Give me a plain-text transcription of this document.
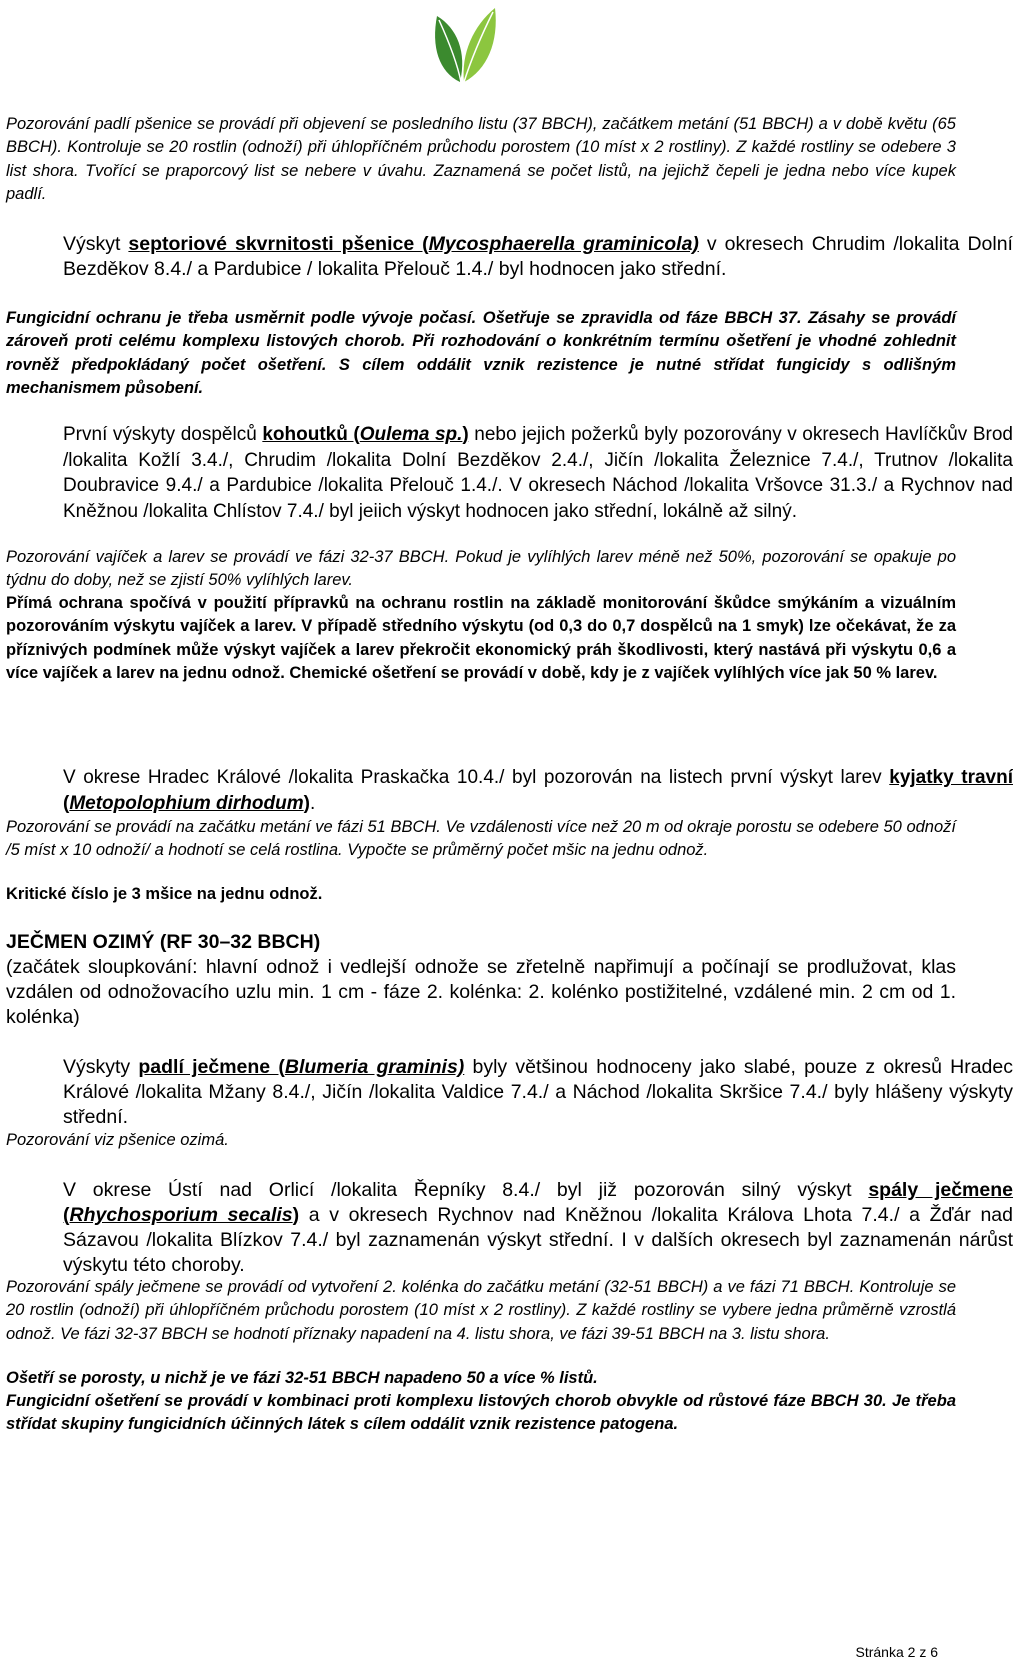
Pozorování padlí pšenice se provádí při objevení se posledního listu (37 BBCH), začátkem metání (51 BBCH) a v době květu (65 BBCH). Kontroluje se 20 rostlin (odnoží) při úhlopříčném průchodu porostem (10 míst x 2 rostliny). Z každé rostliny se odebere 3 list shora. Tvořící se praporcový list se nebere v úvahu. Zaznamená se počet listů, na jejichž čepeli je jedna nebo více kupek padlí.

Výskyt septoriové skvrnitosti pšenice (Mycosphaerella graminicola) v okresech Chrudim /lokalita Dolní Bezděkov 8.4./ a Pardubice / lokalita Přelouč 1.4./ byl hodnocen jako střední.

Fungicidní ochranu je třeba usměrnit podle vývoje počasí. Ošetřuje se zpravidla od fáze BBCH 37. Zásahy se provádí zároveň proti celému komplexu listových chorob. Při rozhodování o konkrétním termínu ošetření je vhodné zohlednit rovněž předpokládaný počet ošetření. S cílem oddálit vznik rezistence je nutné střídat fungicidy s odlišným mechanismem působení.

První výskyty dospělců kohoutků (Oulema sp.) nebo jejich požerků byly pozorovány v okresech Havlíčkův Brod /lokalita Kožlí 3.4./, Chrudim /lokalita Dolní Bezděkov 2.4./, Jičín /lokalita Železnice 7.4./, Trutnov /lokalita Doubravice 9.4./ a Pardubice /lokalita Přelouč 1.4./. V okresech Náchod /lokalita Vršovce 31.3./ a Rychnov nad Kněžnou /lokalita Chlístov 7.4./ byl jeiich výskyt hodnocen jako střední, lokálně až silný.

Pozorování vajíček a larev se provádí ve fázi 32-37 BBCH. Pokud je vylíhlých larev méně než 50%, pozorování se opakuje po týdnu do doby, než se zjistí 50% vylíhlých larev.

Přímá ochrana spočívá v použití přípravků na ochranu rostlin na základě monitorování škůdce smýkáním a vizuálním pozorováním výskytu vajíček a larev. V případě středního výskytu (od 0,3 do 0,7 dospělců na 1 smyk) lze očekávat, že za příznivých podmínek může výskyt vajíček a larev překročit ekonomický práh škodlivosti, který nastává při výskytu 0,6 a více vajíček a larev na jednu odnož. Chemické ošetření se provádí v době, kdy je z vajíček vylíhlých více jak 50 % larev.

V okrese Hradec Králové /lokalita Praskačka 10.4./ byl pozorován na listech první výskyt larev kyjatky travní (Metopolophium dirhodum).

Pozorování se provádí na začátku metání ve fázi 51 BBCH. Ve vzdálenosti více než 20 m od okraje porostu se odebere 50 odnoží /5 míst x 10 odnoží/ a hodnotí se celá rostlina. Vypočte se průměrný počet mšic na jednu odnož.

Kritické číslo je 3 mšice na jednu odnož.

JEČMEN OZIMÝ (RF 30–32 BBCH)

(začátek sloupkování: hlavní odnož i vedlejší odnože se zřetelně napřimují a počínají se prodlužovat, klas vzdálen od odnožovacího uzlu min. 1 cm - fáze 2. kolénka: 2. kolénko postižitelné, vzdálené min. 2 cm od 1. kolénka)

Výskyty padlí ječmene (Blumeria graminis) byly většinou hodnoceny jako slabé, pouze z okresů Hradec Králové /lokalita Mžany 8.4./, Jičín /lokalita Valdice 7.4./ a Náchod /lokalita Skršice 7.4./ byly hlášeny výskyty střední.

Pozorování viz pšenice ozimá.

V okrese Ústí nad Orlicí /lokalita Řepníky 8.4./ byl již pozorován silný výskyt spály ječmene (Rhychosporium secalis) a v okresech Rychnov nad Kněžnou /lokalita Králova Lhota 7.4./ a Žďár nad Sázavou /lokalita Blízkov 7.4./ byl zaznamenán výskyt střední. I v dalších okresech byl zaznamenán nárůst výskytu této choroby.

Pozorování spály ječmene se provádí od vytvoření 2. kolénka do začátku metání (32-51 BBCH) a ve fázi 71 BBCH. Kontroluje se 20 rostlin (odnoží) při úhlopříčném průchodu porostem (10 míst x 2 rostliny). Z každé rostliny se vybere jedna průměrně vzrostlá odnož. Ve fázi 32-37 BBCH se hodnotí příznaky napadení na 4. listu shora, ve fázi 39-51 BBCH na 3. listu shora.

Ošetří se porosty, u nichž je ve fázi 32-51 BBCH napadeno 50 a více % listů.

Fungicidní ošetření se provádí v kombinaci proti komplexu listových chorob obvykle od růstové fáze BBCH 30. Je třeba střídat skupiny fungicidních účinných látek s cílem oddálit vznik rezistence patogena.

Stránka 2 z 6
